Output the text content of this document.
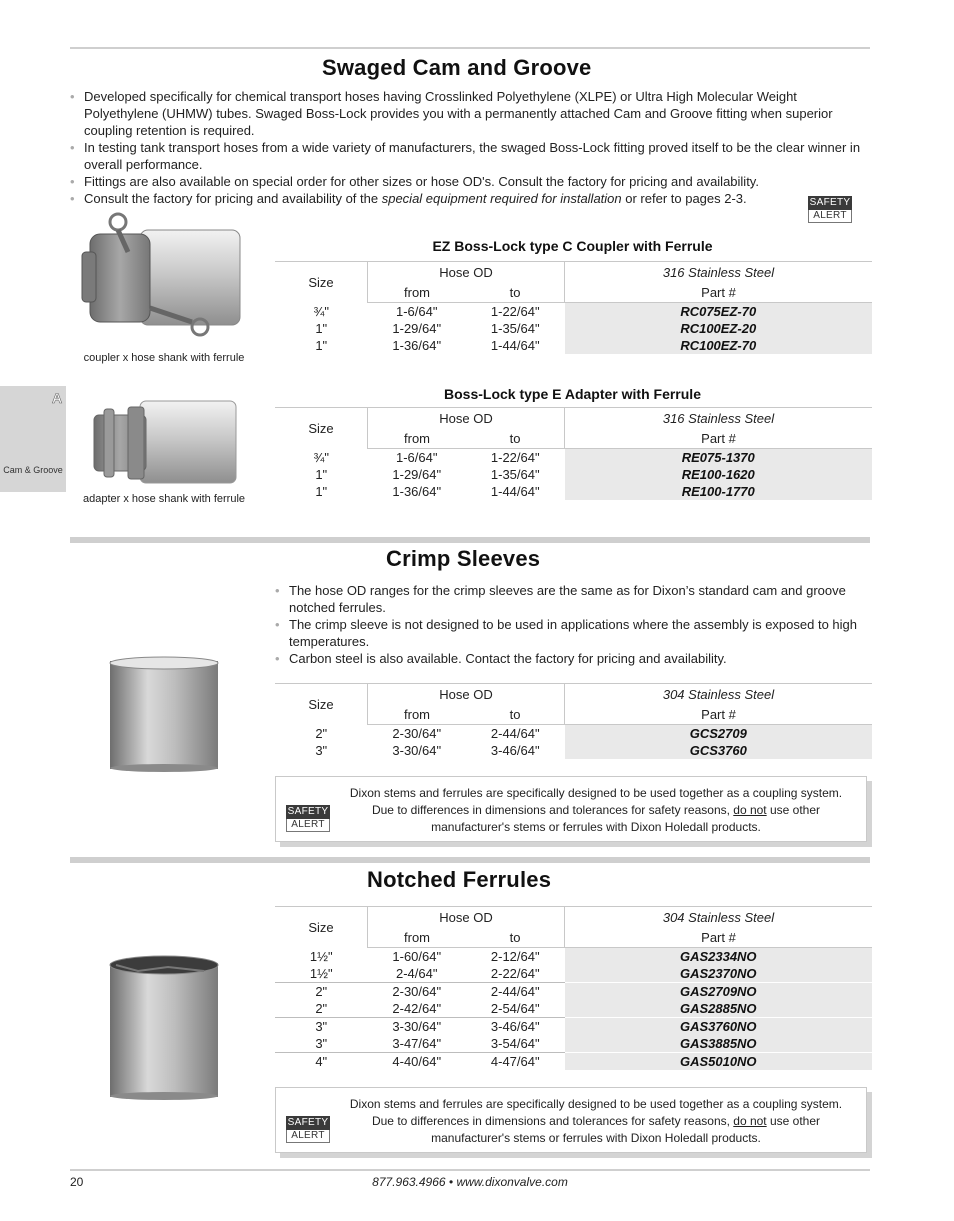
A
Cam & Groove
Swaged Cam and Groove
• Developed specifically for chemical transport hoses having Crosslinked Polyethylene (XLPE) or Ultra High Molecular Weight Polyethylene (UHMW) tubes. Swaged Boss-Lock provides you with a permanently attached Cam and Groove fitting when superior coupling retention is required.
• In testing tank transport hoses from a wide variety of manufacturers, the swaged Boss-Lock fitting proved itself to be the clear winner in overall performance.
• Fittings are also available on special order for other sizes or hose OD's. Consult the factory for pricing and availability.
• Consult the factory for pricing and availability of the special equipment required for installation or refer to pages 2-3.	SAFETY
ALERT
coupler x hose shank with ferrule
EZ Boss-Lock type C Coupler with Ferrule
Size	Hose OD		316 Stainless Steel
	from	to	Part #
¾"	1-6/64"	1-22/64"	RC075EZ-70
1"	1-29/64"	1-35/64"	RC100EZ-20
1"	1-36/64"	1-44/64"	RC100EZ-70
adapter x hose shank with ferrule
Boss-Lock type E Adapter with Ferrule
Size	Hose OD		316 Stainless Steel
	from	to	Part #
¾"	1-6/64"	1-22/64"	RE075-1370
1"	1-29/64"	1-35/64"	RE100-1620
1"	1-36/64"	1-44/64"	RE100-1770
Crimp Sleeves
• The hose OD ranges for the crimp sleeves are the same as for Dixon’s standard cam and groove notched ferrules.
• The crimp sleeve is not designed to be used in applications where the assembly is exposed to high temperatures.
• Carbon steel is also available. Contact the factory for pricing and availability.
Size	Hose OD		304 Stainless Steel
	from	to	Part #
2"	2-30/64"	2-44/64"	GCS2709
3"	3-30/64"	3-46/64"	GCS3760
SAFETY
ALERT
Dixon stems and ferrules are specifically designed to be used together as a coupling system.
Due to differences in dimensions and tolerances for safety reasons, do not use other
manufacturer's stems or ferrules with Dixon Holedall products.
Notched Ferrules
Size	Hose OD		304 Stainless Steel
	from	to	Part #
1½"	1-60/64"	2-12/64"	GAS2334NO
1½"	2-4/64"	2-22/64"	GAS2370NO
2"	2-30/64"	2-44/64"	GAS2709NO
2"	2-42/64"	2-54/64"	GAS2885NO
3"	3-30/64"	3-46/64"	GAS3760NO
3"	3-47/64"	3-54/64"	GAS3885NO
4"	4-40/64"	4-47/64"	GAS5010NO
SAFETY
ALERT
Dixon stems and ferrules are specifically designed to be used together as a coupling system.
Due to differences in dimensions and tolerances for safety reasons, do not use other
manufacturer's stems or ferrules with Dixon Holedall products.
20	877.963.4966 • www.dixonvalve.com
